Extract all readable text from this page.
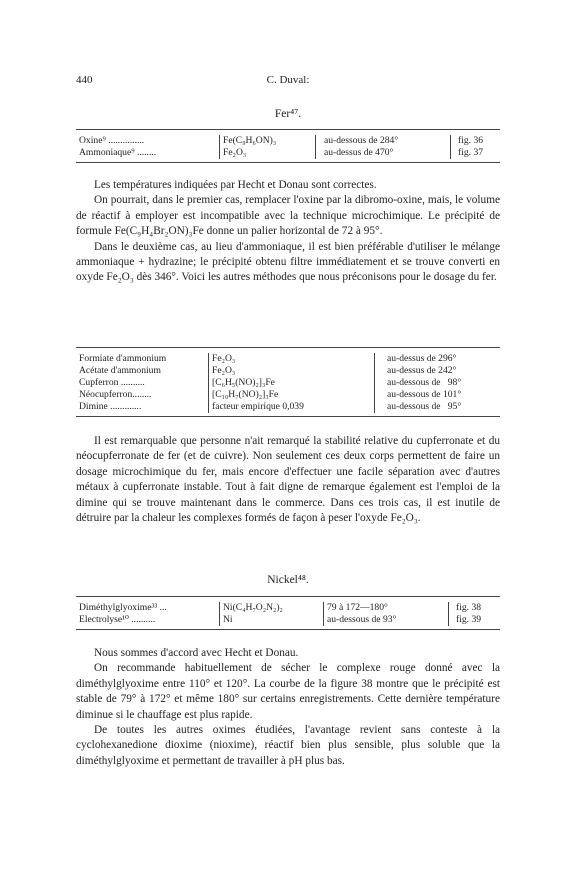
440	C. Duval:
Fer⁴⁷.
Oxine⁹ ...............	Fe(C₉H₆ON)₃	au-dessous de 284°	fig. 36
Ammoniaque⁹ ........	Fe₂O₃	au-dessus de 470°	fig. 37

Les températures indiquées par Hecht et Donau sont correctes.

On pourrait, dans le premier cas, remplacer l'oxine par la dibromo-oxine, mais, le volume de réactif à employer est incompatible avec la technique microchimique. Le précipité de formule Fe(C₉H₄Br₂ON)₃Fe donne un palier horizontal de 72 à 95°.

Dans le deuxième cas, au lieu d'ammoniaque, il est bien préférable d'utiliser le mélange ammoniaque + hydrazine; le précipité obtenu filtre immédiatement et se trouve converti en oxyde Fe₂O₃ dès 346°. Voici les autres méthodes que nous préconisons pour le dosage du fer.

Formiate d'ammonium	Fe₂O₃	au-dessus de 296°
Acétate d'ammonium	Fe₂O₃	au-dessus de 242°
Cupferron ..........	[C₆H₅(NO)₂]₃Fe	au-dessous de   98°
Néocupferron........	[C₁₀H₇(NO)₂]₃Fe	au-dessous de 101°
Dimine .............	facteur empirique 0,039	au-dessous de   95°

Il est remarquable que personne n'ait remarqué la stabilité relative du cupferronate et du néocupferronate de fer (et de cuivre). Non seulement ces deux corps permettent de faire un dosage microchimique du fer, mais encore d'effectuer une facile séparation avec d'autres métaux à cupferronate instable. Tout à fait digne de remarque également est l'emploi de la dimine qui se trouve maintenant dans le commerce. Dans ces trois cas, il est inutile de détruire par la chaleur les complexes formés de façon à peser l'oxyde Fe₂O₃.

Nickel⁴⁸.
Diméthylglyoxime³³ ...	Ni(C₄H₇O₂N₂)₂	79 à 172—180°	fig. 38
Electrolyse¹⁰ ..........	Ni	au-dessous de 93°	fig. 39

Nous sommes d'accord avec Hecht et Donau.

On recommande habituellement de sécher le complexe rouge donné avec la diméthylglyoxime entre 110° et 120°. La courbe de la figure 38 montre que le précipité est stable de 79° à 172° et même 180° sur certains enregistrements. Cette dernière température diminue si le chauffage est plus rapide.

De toutes les autres oximes étudiées, l'avantage revient sans conteste à la cyclohexanedione dioxime (nioxime), réactif bien plus sensible, plus soluble que la diméthylglyoxime et permettant de travailler à pH plus bas.
